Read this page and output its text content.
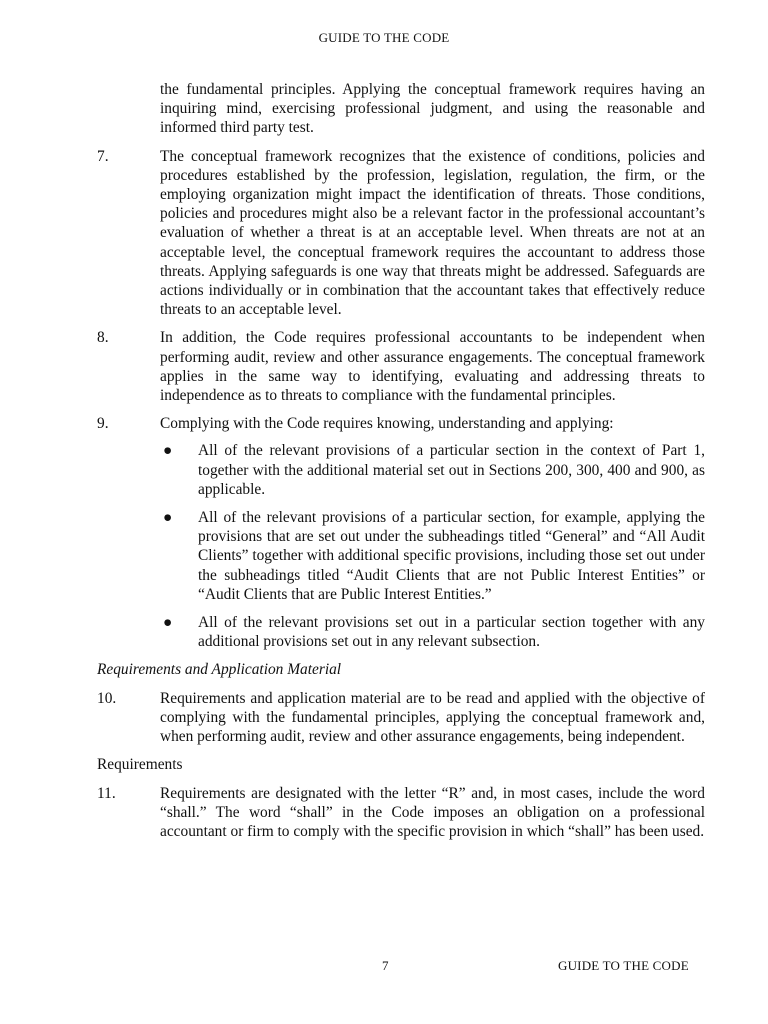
GUIDE TO THE CODE
the fundamental principles. Applying the conceptual framework requires having an inquiring mind, exercising professional judgment, and using the reasonable and informed third party test.
7.	The conceptual framework recognizes that the existence of conditions, policies and procedures established by the profession, legislation, regulation, the firm, or the employing organization might impact the identification of threats. Those conditions, policies and procedures might also be a relevant factor in the professional accountant’s evaluation of whether a threat is at an acceptable level. When threats are not at an acceptable level, the conceptual framework requires the accountant to address those threats. Applying safeguards is one way that threats might be addressed. Safeguards are actions individually or in combination that the accountant takes that effectively reduce threats to an acceptable level.
8.	In addition, the Code requires professional accountants to be independent when performing audit, review and other assurance engagements. The conceptual framework applies in the same way to identifying, evaluating and addressing threats to independence as to threats to compliance with the fundamental principles.
9.	Complying with the Code requires knowing, understanding and applying:
● All of the relevant provisions of a particular section in the context of Part 1, together with the additional material set out in Sections 200, 300, 400 and 900, as applicable.
● All of the relevant provisions of a particular section, for example, applying the provisions that are set out under the subheadings titled “General” and “All Audit Clients” together with additional specific provisions, including those set out under the subheadings titled “Audit Clients that are not Public Interest Entities” or “Audit Clients that are Public Interest Entities.”
● All of the relevant provisions set out in a particular section together with any additional provisions set out in any relevant subsection.
Requirements and Application Material
10.	Requirements and application material are to be read and applied with the objective of complying with the fundamental principles, applying the conceptual framework and, when performing audit, review and other assurance engagements, being independent.
Requirements
11.	Requirements are designated with the letter “R” and, in most cases, include the word “shall.” The word “shall” in the Code imposes an obligation on a professional accountant or firm to comply with the specific provision in which “shall” has been used.
7	GUIDE TO THE CODE
